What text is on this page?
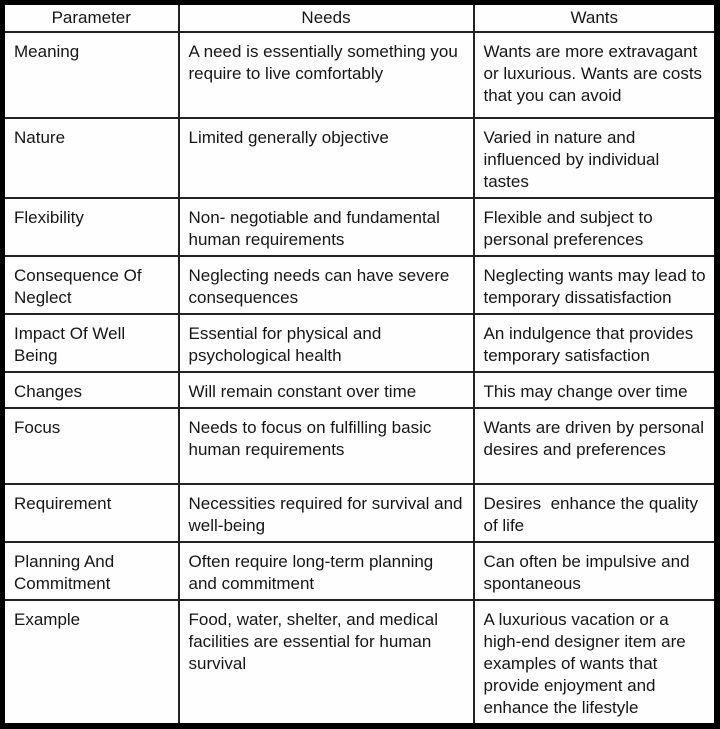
Parameter	Needs	Wants
Meaning	A need is essentially something you require to live comfortably	Wants are more extravagant or luxurious. Wants are costs that you can avoid
Nature	Limited generally objective	Varied in nature and influenced by individual tastes
Flexibility	Non- negotiable and fundamental human requirements	Flexible and subject to personal preferences
Consequence Of Neglect	Neglecting needs can have severe consequences	Neglecting wants may lead to temporary dissatisfaction
Impact Of Well Being	Essential for physical and psychological health	An indulgence that provides temporary satisfaction
Changes	Will remain constant over time	This may change over time
Focus	Needs to focus on fulfilling basic human requirements	Wants are driven by personal desires and preferences
Requirement	Necessities required for survival and well-being	Desires  enhance the quality of life
Planning And Commitment	Often require long-term planning and commitment	Can often be impulsive and spontaneous
Example	Food, water, shelter, and medical facilities are essential for human survival	A luxurious vacation or a high-end designer item are examples of wants that provide enjoyment and enhance the lifestyle
